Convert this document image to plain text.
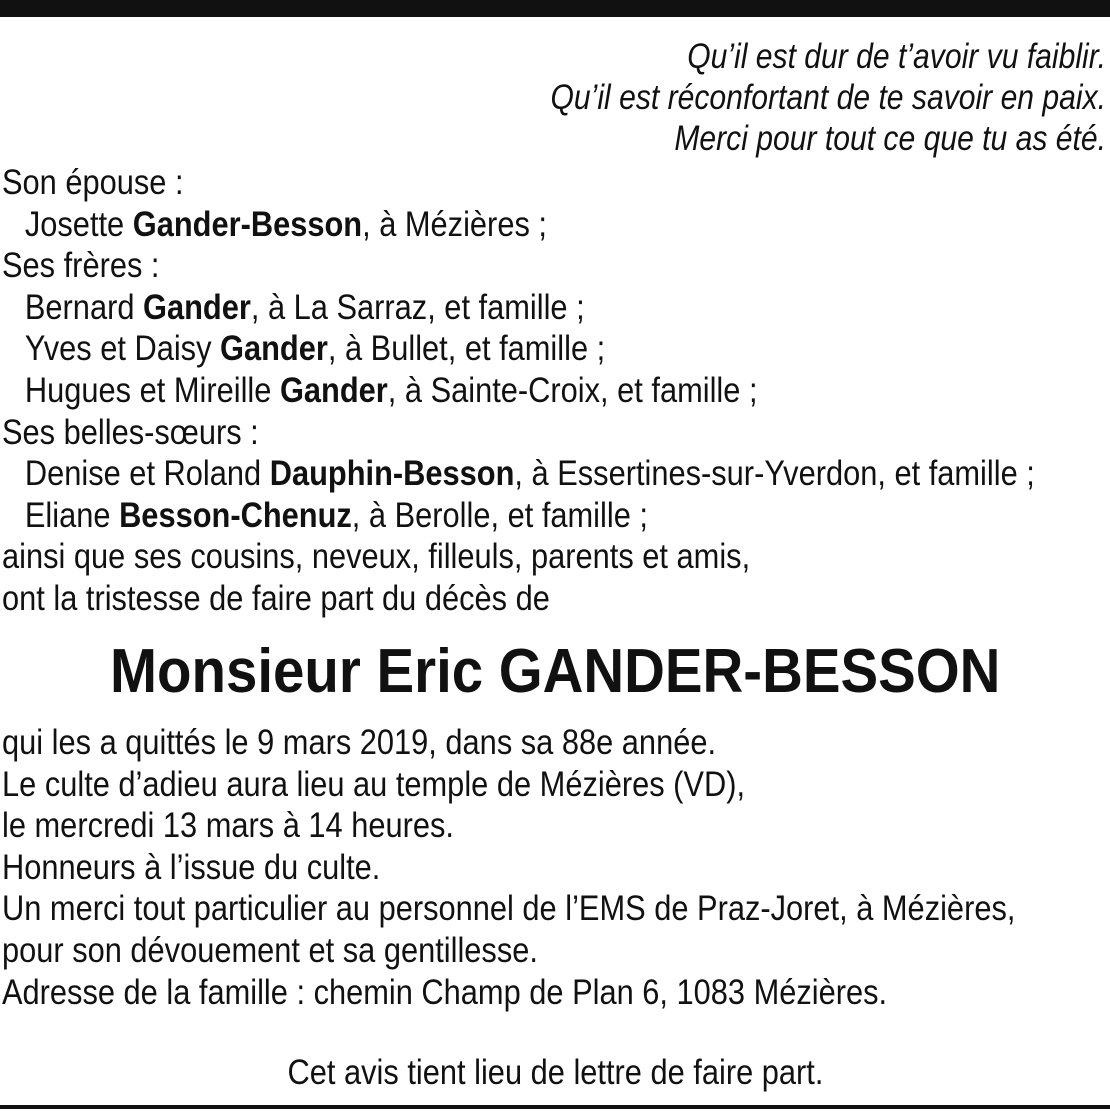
Qu’il est dur de t’avoir vu faiblir.
Qu’il est réconfortant de te savoir en paix.
Merci pour tout ce que tu as été.
Son épouse :
Josette Gander-Besson, à Mézières ;
Ses frères :
Bernard Gander, à La Sarraz, et famille ;
Yves et Daisy Gander, à Bullet, et famille ;
Hugues et Mireille Gander, à Sainte-Croix, et famille ;
Ses belles-sœurs :
Denise et Roland Dauphin-Besson, à Essertines-sur-Yverdon, et famille ;
Eliane Besson-Chenuz, à Berolle, et famille ;
ainsi que ses cousins, neveux, filleuls, parents et amis,
ont la tristesse de faire part du décès de
Monsieur Eric GANDER-BESSON
qui les a quittés le 9 mars 2019, dans sa 88e année.
Le culte d’adieu aura lieu au temple de Mézières (VD),
le mercredi 13 mars à 14 heures.
Honneurs à l’issue du culte.
Un merci tout particulier au personnel de l’EMS de Praz-Joret, à Mézières,
pour son dévouement et sa gentillesse.
Adresse de la famille : chemin Champ de Plan 6, 1083 Mézières.
Cet avis tient lieu de lettre de faire part.
